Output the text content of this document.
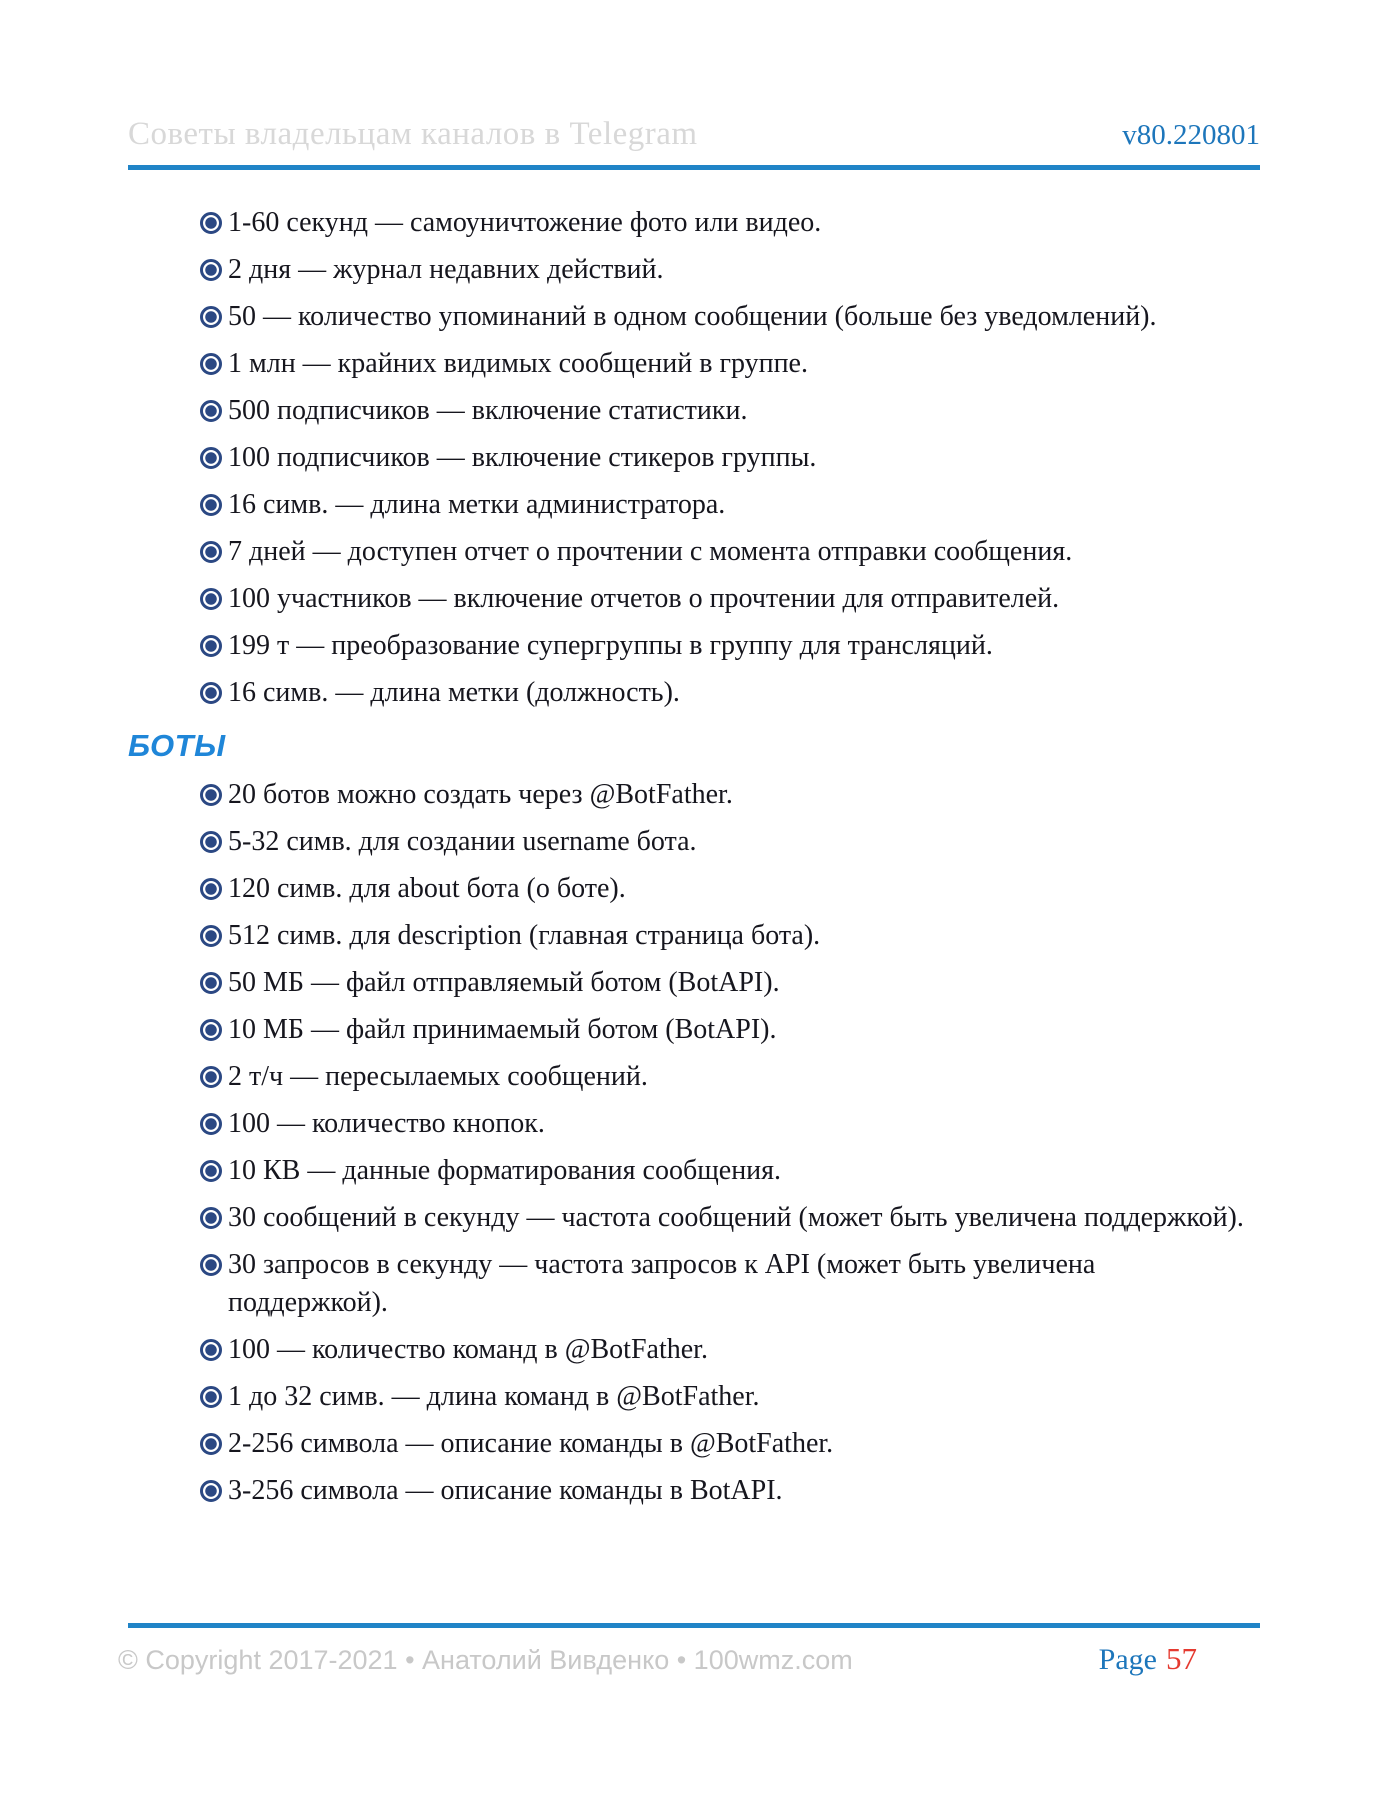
Советы владельцам каналов в Telegram	v80.220801
1-60 секунд — самоуничтожение фото или видео.
2 дня — журнал недавних действий.
50 — количество упоминаний в одном сообщении (больше без уведомлений).
1 млн — крайних видимых сообщений в группе.
500 подписчиков — включение статистики.
100 подписчиков — включение стикеров группы.
16 симв. — длина метки администратора.
7 дней — доступен отчет о прочтении с момента отправки сообщения.
100 участников — включение отчетов о прочтении для отправителей.
199 т — преобразование супергруппы в группу для трансляций.
16 симв. — длина метки (должность).
БОТЫ
20 ботов можно создать через @BotFather.
5-32 симв. для создании username бота.
120 симв. для about бота (о боте).
512 симв. для description (главная страница бота).
50 МБ — файл отправляемый ботом (BotAPI).
10 МБ — файл принимаемый ботом (BotAPI).
2 т/ч — пересылаемых сообщений.
100 — количество кнопок.
10 КВ — данные форматирования сообщения.
30 сообщений в секунду — частота сообщений (может быть увеличена поддержкой).
30 запросов в секунду — частота запросов к API (может быть увеличена поддержкой).
100 — количество команд в @BotFather.
1 до 32 симв. — длина команд в @BotFather.
2-256 символа — описание команды в @BotFather.
3-256 символа — описание команды в BotAPI.
© Copyright 2017-2021 • Анатолий Вивденко • 100wmz.com	Page 57
